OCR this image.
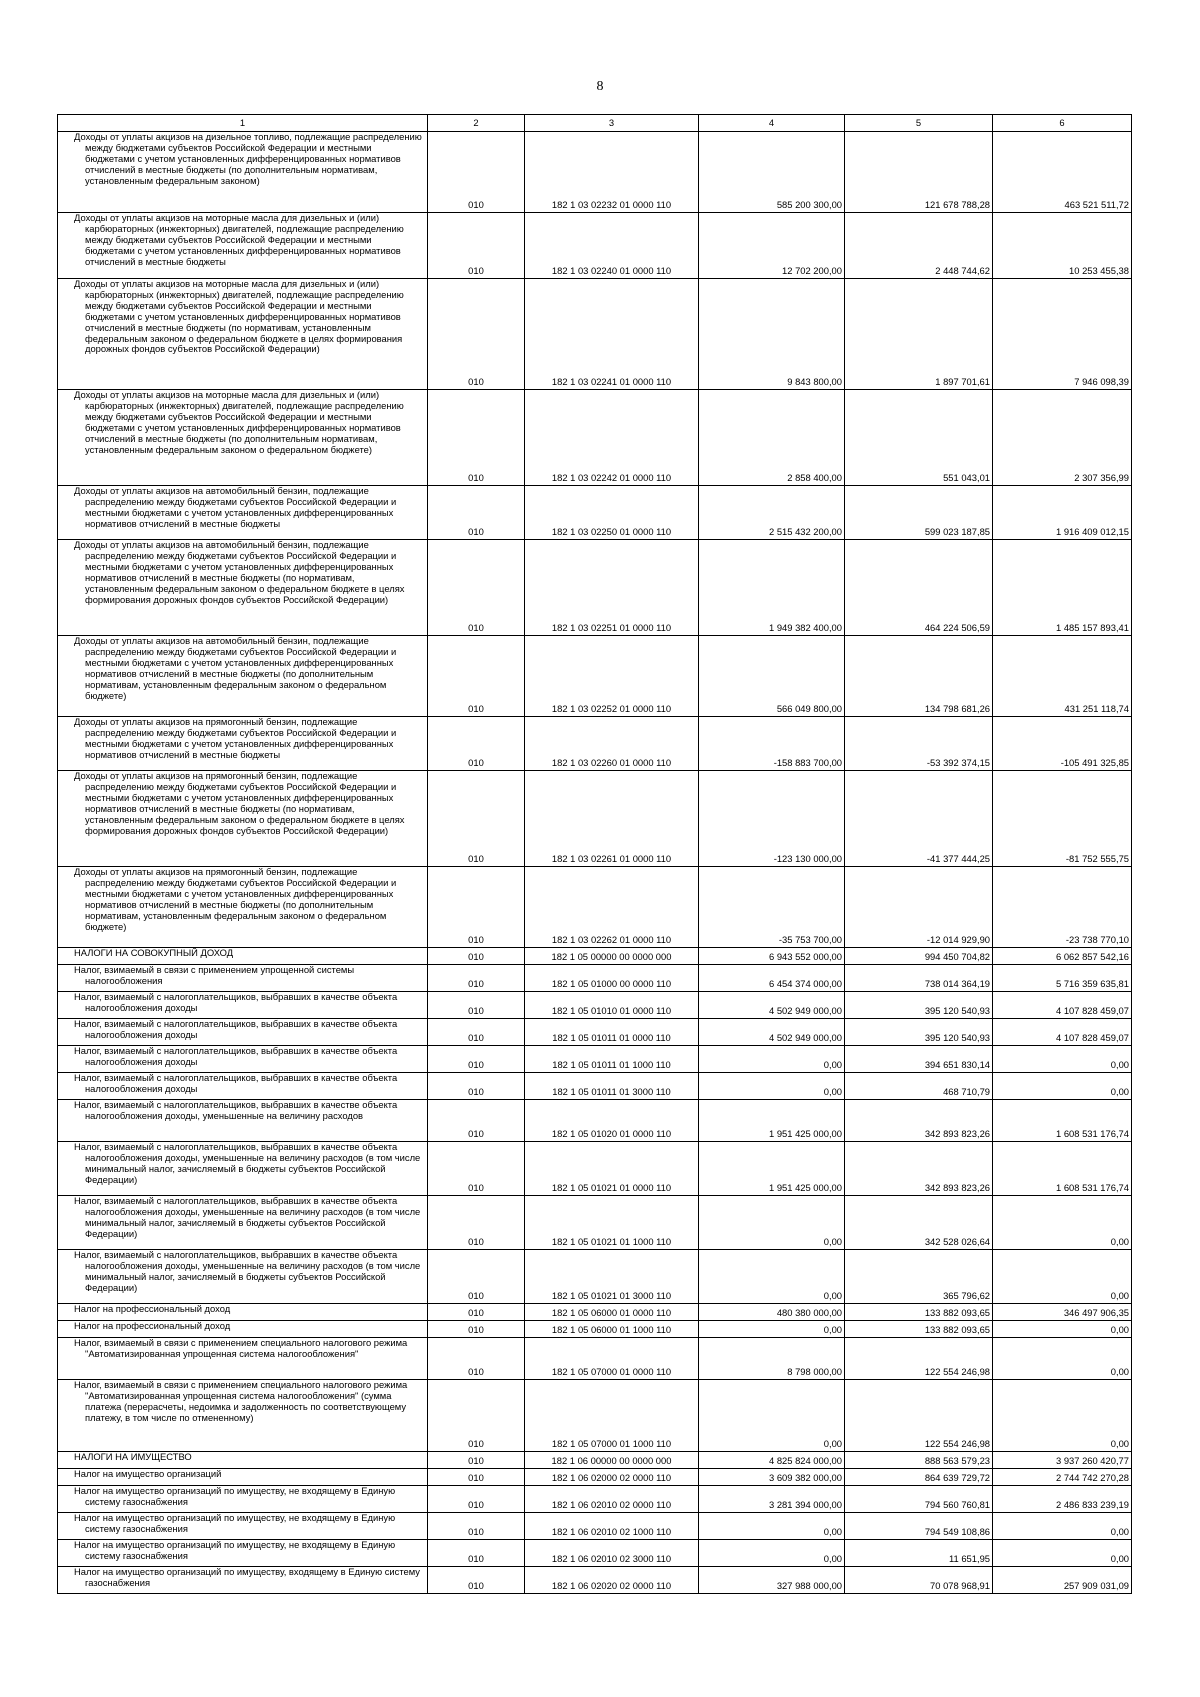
8
1	2	3	4	5	6

Доходы от уплаты акцизов на дизельное топливо, подлежащие распределению между бюджетами субъектов Российской Федерации и местными бюджетами с учетом установленных дифференцированных нормативов отчислений в местные бюджеты (по дополнительным нормативам, установленным федеральным законом)	010	182 1 03 02232 01 0000 110	585 200 300,00	121 678 788,28	463 521 511,72

Доходы от уплаты акцизов на моторные масла для дизельных и (или) карбюраторных (инжекторных) двигателей, подлежащие распределению между бюджетами субъектов Российской Федерации и местными бюджетами с учетом установленных дифференцированных нормативов отчислений в местные бюджеты	010	182 1 03 02240 01 0000 110	12 702 200,00	2 448 744,62	10 253 455,38

Доходы от уплаты акцизов на моторные масла для дизельных и (или) карбюраторных (инжекторных) двигателей, подлежащие распределению между бюджетами субъектов Российской Федерации и местными бюджетами с учетом установленных дифференцированных нормативов отчислений в местные бюджеты (по нормативам, установленным федеральным законом о федеральном бюджете в целях формирования дорожных фондов субъектов Российской Федерации)	010	182 1 03 02241 01 0000 110	9 843 800,00	1 897 701,61	7 946 098,39

Доходы от уплаты акцизов на моторные масла для дизельных и (или) карбюраторных (инжекторных) двигателей, подлежащие распределению между бюджетами субъектов Российской Федерации и местными бюджетами с учетом установленных дифференцированных нормативов отчислений в местные бюджеты (по дополнительным нормативам, установленным федеральным законом о федеральном бюджете)	010	182 1 03 02242 01 0000 110	2 858 400,00	551 043,01	2 307 356,99

Доходы от уплаты акцизов на автомобильный бензин, подлежащие распределению между бюджетами субъектов Российской Федерации и местными бюджетами с учетом установленных дифференцированных нормативов отчислений в местные бюджеты	010	182 1 03 02250 01 0000 110	2 515 432 200,00	599 023 187,85	1 916 409 012,15

Доходы от уплаты акцизов на автомобильный бензин, подлежащие распределению между бюджетами субъектов Российской Федерации и местными бюджетами с учетом установленных дифференцированных нормативов отчислений в местные бюджеты (по нормативам, установленным федеральным законом о федеральном бюджете в целях формирования дорожных фондов субъектов Российской Федерации)	010	182 1 03 02251 01 0000 110	1 949 382 400,00	464 224 506,59	1 485 157 893,41

Доходы от уплаты акцизов на автомобильный бензин, подлежащие распределению между бюджетами субъектов Российской Федерации и местными бюджетами с учетом установленных дифференцированных нормативов отчислений в местные бюджеты (по дополнительным нормативам, установленным федеральным законом о федеральном бюджете)	010	182 1 03 02252 01 0000 110	566 049 800,00	134 798 681,26	431 251 118,74

Доходы от уплаты акцизов на прямогонный бензин, подлежащие распределению между бюджетами субъектов Российской Федерации и местными бюджетами с учетом установленных дифференцированных нормативов отчислений в местные бюджеты	010	182 1 03 02260 01 0000 110	-158 883 700,00	-53 392 374,15	-105 491 325,85

Доходы от уплаты акцизов на прямогонный бензин, подлежащие распределению между бюджетами субъектов Российской Федерации и местными бюджетами с учетом установленных дифференцированных нормативов отчислений в местные бюджеты (по нормативам, установленным федеральным законом о федеральном бюджете в целях формирования дорожных фондов субъектов Российской Федерации)	010	182 1 03 02261 01 0000 110	-123 130 000,00	-41 377 444,25	-81 752 555,75

Доходы от уплаты акцизов на прямогонный бензин, подлежащие распределению между бюджетами субъектов Российской Федерации и местными бюджетами с учетом установленных дифференцированных нормативов отчислений в местные бюджеты (по дополнительным нормативам, установленным федеральным законом о федеральном бюджете)	010	182 1 03 02262 01 0000 110	-35 753 700,00	-12 014 929,90	-23 738 770,10

НАЛОГИ НА СОВОКУПНЫЙ ДОХОД	010	182 1 05 00000 00 0000 000	6 943 552 000,00	994 450 704,82	6 062 857 542,16

Налог, взимаемый в связи с применением упрощенной системы налогообложения	010	182 1 05 01000 00 0000 110	6 454 374 000,00	738 014 364,19	5 716 359 635,81

Налог, взимаемый с налогоплательщиков, выбравших в качестве объекта налогообложения доходы	010	182 1 05 01010 01 0000 110	4 502 949 000,00	395 120 540,93	4 107 828 459,07

Налог, взимаемый с налогоплательщиков, выбравших в качестве объекта налогообложения доходы	010	182 1 05 01011 01 0000 110	4 502 949 000,00	395 120 540,93	4 107 828 459,07

Налог, взимаемый с налогоплательщиков, выбравших в качестве объекта налогообложения доходы	010	182 1 05 01011 01 1000 110	0,00	394 651 830,14	0,00

Налог, взимаемый с налогоплательщиков, выбравших в качестве объекта налогообложения доходы	010	182 1 05 01011 01 3000 110	0,00	468 710,79	0,00

Налог, взимаемый с налогоплательщиков, выбравших в качестве объекта налогообложения доходы, уменьшенные на величину расходов	010	182 1 05 01020 01 0000 110	1 951 425 000,00	342 893 823,26	1 608 531 176,74

Налог, взимаемый с налогоплательщиков, выбравших в качестве объекта налогообложения доходы, уменьшенные на величину расходов (в том числе минимальный налог, зачисляемый в бюджеты субъектов Российской Федерации)	010	182 1 05 01021 01 0000 110	1 951 425 000,00	342 893 823,26	1 608 531 176,74

Налог, взимаемый с налогоплательщиков, выбравших в качестве объекта налогообложения доходы, уменьшенные на величину расходов (в том числе минимальный налог, зачисляемый в бюджеты субъектов Российской Федерации)	010	182 1 05 01021 01 1000 110	0,00	342 528 026,64	0,00

Налог, взимаемый с налогоплательщиков, выбравших в качестве объекта налогообложения доходы, уменьшенные на величину расходов (в том числе минимальный налог, зачисляемый в бюджеты субъектов Российской Федерации)	010	182 1 05 01021 01 3000 110	0,00	365 796,62	0,00

Налог на профессиональный доход	010	182 1 05 06000 01 0000 110	480 380 000,00	133 882 093,65	346 497 906,35

Налог на профессиональный доход	010	182 1 05 06000 01 1000 110	0,00	133 882 093,65	0,00

Налог, взимаемый в связи с применением специального налогового режима "Автоматизированная упрощенная система налогообложения"	010	182 1 05 07000 01 0000 110	8 798 000,00	122 554 246,98	0,00

Налог, взимаемый в связи с применением специального налогового режима "Автоматизированная упрощенная система налогообложения" (сумма платежа (перерасчеты, недоимка и задолженность по соответствующему платежу, в том числе по отмененному)	010	182 1 05 07000 01 1000 110	0,00	122 554 246,98	0,00

НАЛОГИ НА ИМУЩЕСТВО	010	182 1 06 00000 00 0000 000	4 825 824 000,00	888 563 579,23	3 937 260 420,77

Налог на имущество организаций	010	182 1 06 02000 02 0000 110	3 609 382 000,00	864 639 729,72	2 744 742 270,28

Налог на имущество организаций по имуществу, не входящему в Единую систему газоснабжения	010	182 1 06 02010 02 0000 110	3 281 394 000,00	794 560 760,81	2 486 833 239,19

Налог на имущество организаций по имуществу, не входящему в Единую систему газоснабжения	010	182 1 06 02010 02 1000 110	0,00	794 549 108,86	0,00

Налог на имущество организаций по имуществу, не входящему в Единую систему газоснабжения	010	182 1 06 02010 02 3000 110	0,00	11 651,95	0,00

Налог на имущество организаций по имуществу, входящему в Единую систему газоснабжения	010	182 1 06 02020 02 0000 110	327 988 000,00	70 078 968,91	257 909 031,09
